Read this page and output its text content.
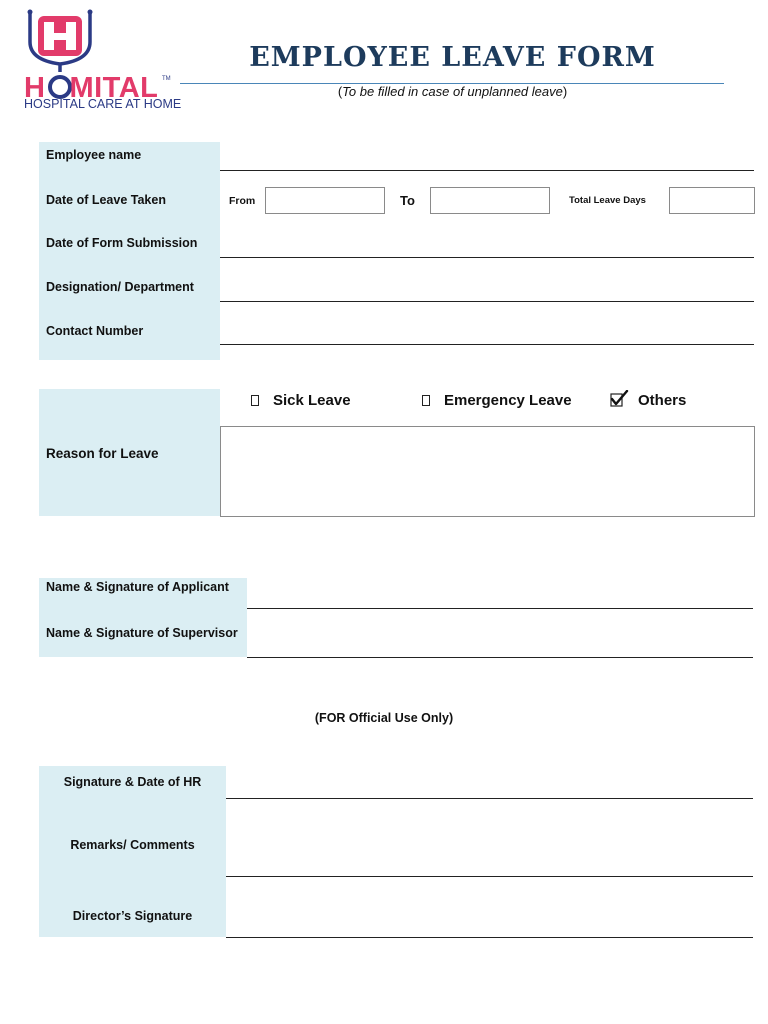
H MITAL TM
HOSPITAL CARE AT HOME
EMPLOYEE LEAVE FORM
(To be filled in case of unplanned leave)
Employee name
Date of Leave Taken	From	To	Total Leave Days
Date of Form Submission
Designation/ Department
Contact Number
Reason for Leave
Sick Leave	Emergency Leave	Others
Name & Signature of Applicant
Name & Signature of Supervisor
(FOR Official Use Only)
Signature & Date of HR
Remarks/ Comments
Director’s Signature
